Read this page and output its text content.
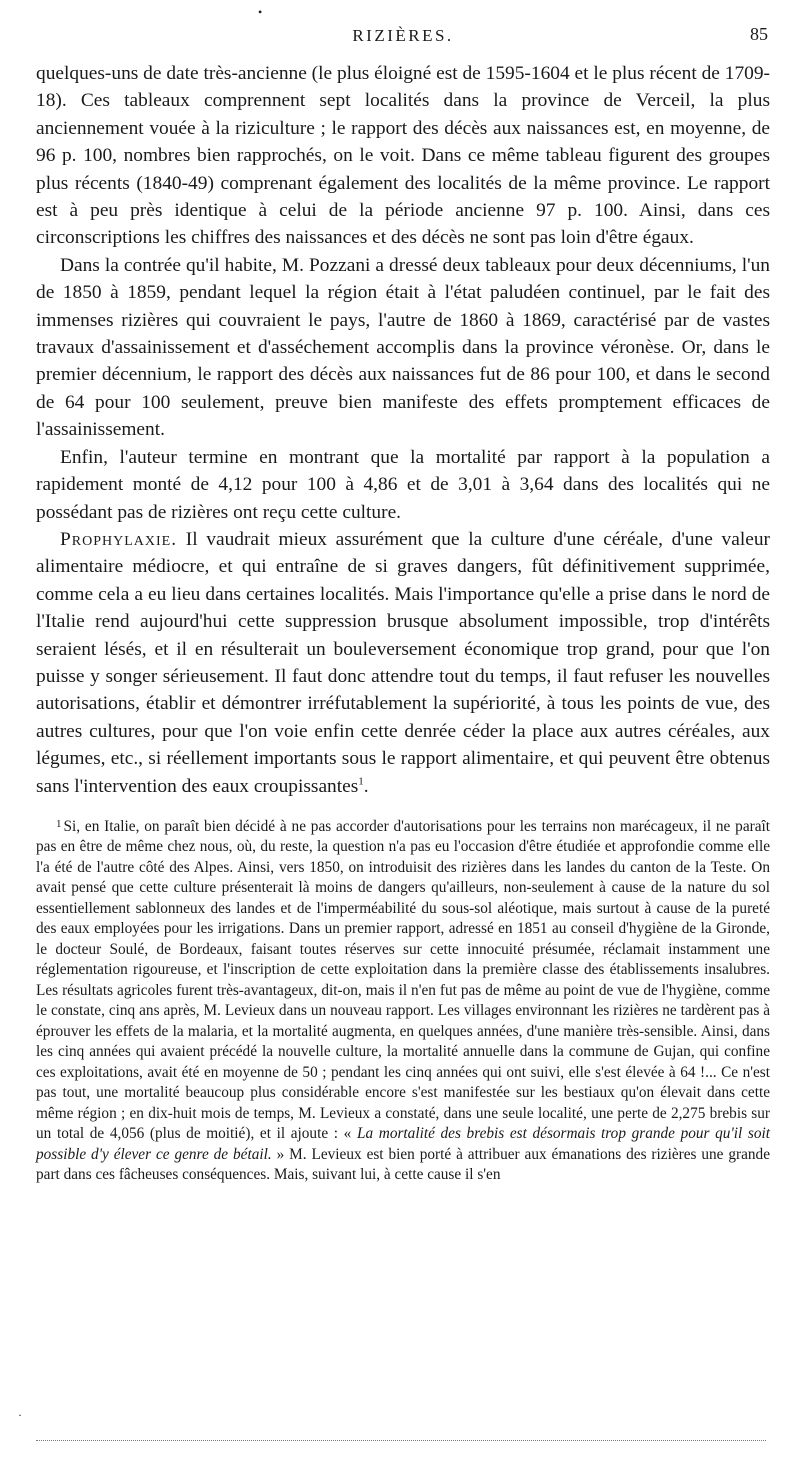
•
·
RIZIÈRES.	85

quelques-uns de date très-ancienne (le plus éloigné est de 1595-1604 et le plus récent de 1709-18). Ces tableaux comprennent sept localités dans la province de Verceil, la plus anciennement vouée à la riziculture ; le rapport des décès aux naissances est, en moyenne, de 96 p. 100, nombres bien rapprochés, on le voit. Dans ce même tableau figurent des groupes plus récents (1840-49) comprenant également des localités de la même province. Le rapport est à peu près identique à celui de la période ancienne 97 p. 100. Ainsi, dans ces circonscriptions les chiffres des naissances et des décès ne sont pas loin d'être égaux.

Dans la contrée qu'il habite, M. Pozzani a dressé deux tableaux pour deux décenniums, l'un de 1850 à 1859, pendant lequel la région était à l'état paludéen continuel, par le fait des immenses rizières qui couvraient le pays, l'autre de 1860 à 1869, caractérisé par de vastes travaux d'assainissement et d'asséchement accomplis dans la province véronèse. Or, dans le premier décennium, le rapport des décès aux naissances fut de 86 pour 100, et dans le second de 64 pour 100 seulement, preuve bien manifeste des effets promptement efficaces de l'assainissement.

Enfin, l'auteur termine en montrant que la mortalité par rapport à la population a rapidement monté de 4,12 pour 100 à 4,86 et de 3,01 à 3,64 dans des localités qui ne possédant pas de rizières ont reçu cette culture.

Prophylaxie. Il vaudrait mieux assurément que la culture d'une céréale, d'une valeur alimentaire médiocre, et qui entraîne de si graves dangers, fût définitivement supprimée, comme cela a eu lieu dans certaines localités. Mais l'importance qu'elle a prise dans le nord de l'Italie rend aujourd'hui cette suppression brusque absolument impossible, trop d'intérêts seraient lésés, et il en résulterait un bouleversement économique trop grand, pour que l'on puisse y songer sérieusement. Il faut donc attendre tout du temps, il faut refuser les nouvelles autorisations, établir et démontrer irréfutablement la supériorité, à tous les points de vue, des autres cultures, pour que l'on voie enfin cette denrée céder la place aux autres céréales, aux légumes, etc., si réellement importants sous le rapport alimentaire, et qui peuvent être obtenus sans l'intervention des eaux croupissantes$^1$.

$^1$ Si, en Italie, on paraît bien décidé à ne pas accorder d'autorisations pour les terrains non marécageux, il ne paraît pas en être de même chez nous, où, du reste, la question n'a pas eu l'occasion d'être étudiée et approfondie comme elle l'a été de l'autre côté des Alpes. Ainsi, vers 1850, on introduisit des rizières dans les landes du canton de la Teste. On avait pensé que cette culture présenterait là moins de dangers qu'ailleurs, non-seulement à cause de la nature du sol essentiellement sablonneux des landes et de l'imperméabilité du sous-sol aléotique, mais surtout à cause de la pureté des eaux employées pour les irrigations. Dans un premier rapport, adressé en 1851 au conseil d'hygiène de la Gironde, le docteur Soulé, de Bordeaux, faisant toutes réserves sur cette innocuité présumée, réclamait instamment une réglementation rigoureuse, et l'inscription de cette exploitation dans la première classe des établissements insalubres. Les résultats agricoles furent très-avantageux, dit-on, mais il n'en fut pas de même au point de vue de l'hygiène, comme le constate, cinq ans après, M. Levieux dans un nouveau rapport. Les villages environnant les rizières ne tardèrent pas à éprouver les effets de la malaria, et la mortalité augmenta, en quelques années, d'une manière très-sensible. Ainsi, dans les cinq années qui avaient précédé la nouvelle culture, la mortalité annuelle dans la commune de Gujan, qui confine ces exploitations, avait été en moyenne de 50 ; pendant les cinq années qui ont suivi, elle s'est élevée à 64 !... Ce n'est pas tout, une mortalité beaucoup plus considérable encore s'est manifestée sur les bestiaux qu'on élevait dans cette même région ; en dix-huit mois de temps, M. Levieux a constaté, dans une seule localité, une perte de 2,275 brebis sur un total de 4,056 (plus de moitié), et il ajoute : « La mortalité des brebis est désormais trop grande pour qu'il soit possible d'y élever ce genre de bétail. » M. Levieux est bien porté à attribuer aux émanations des rizières une grande part dans ces fâcheuses conséquences. Mais, suivant lui, à cette cause il s'en
